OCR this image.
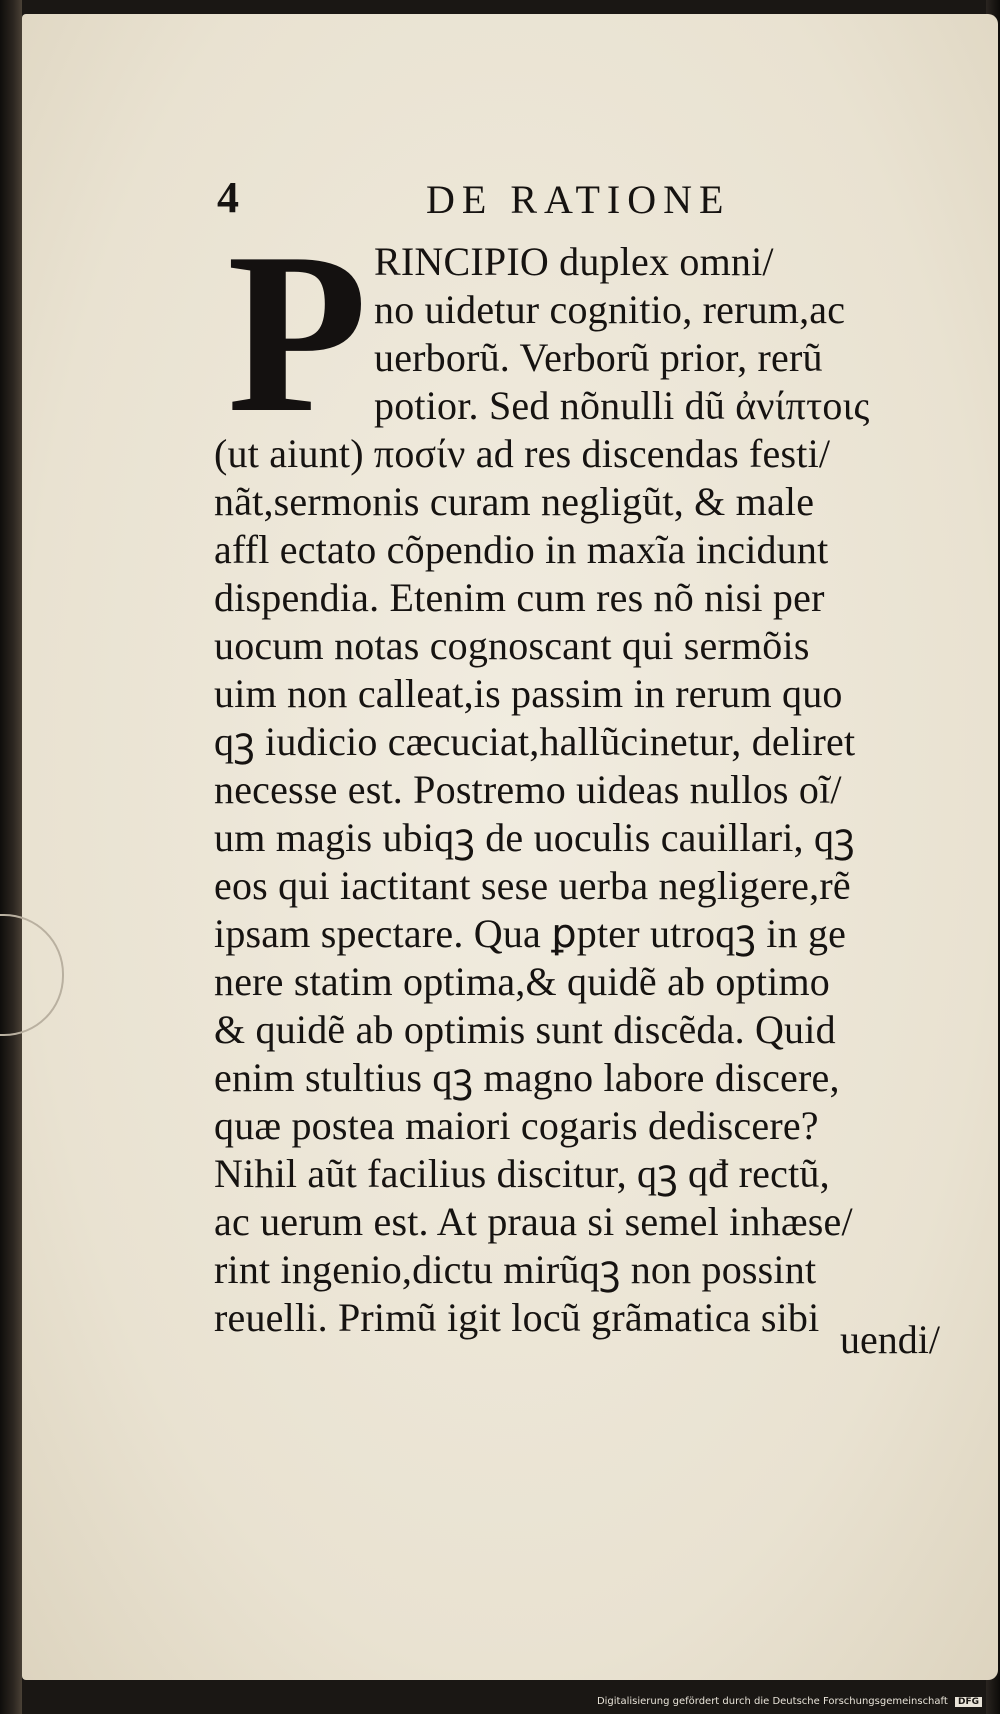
4	DE RATIONE
P RINCIPIO duplex omni/
no uidetur cognitio, rerum,ac
uerborũ. Verborũ prior, rerũ
potior. Sed nõnulli dũ ἀνίπτοις
(ut aiunt) ποσίν ad res discendas festi/
nãt,sermonis curam negligũt, & male
affl ectato cõpendio in maxĩa incidunt
dispendia. Etenim cum res nõ nisi per
uocum notas cognoscant qui sermõis
uim non calleat,is passim in rerum quo
qꝫ iudicio cæcuciat,hallũcinetur, deliret
necesse est. Postremo uideas nullos oĩ/
um magis ubiqꝫ de uoculis cauillari, qꝫ
eos qui iactitant sese uerba negligere,rẽ
ipsam spectare. Qua ꝑpter utroqꝫ in ge
nere statim optima,& quidẽ ab optimo
& quidẽ ab optimis sunt discẽda. Quid
enim stultius qꝫ magno labore discere,
quæ postea maiori cogaris dediscere?
Nihil aũt facilius discitur, qꝫ qđ rectũ,
ac uerum est. At praua si semel inhæse/
rint ingenio,dictu mirũqꝫ non possint
reuelli. Primũ igit locũ grãmatica sibi uendi/
Digitalisierung gefördert durch die Deutsche Forschungsgemeinschaft DFG
